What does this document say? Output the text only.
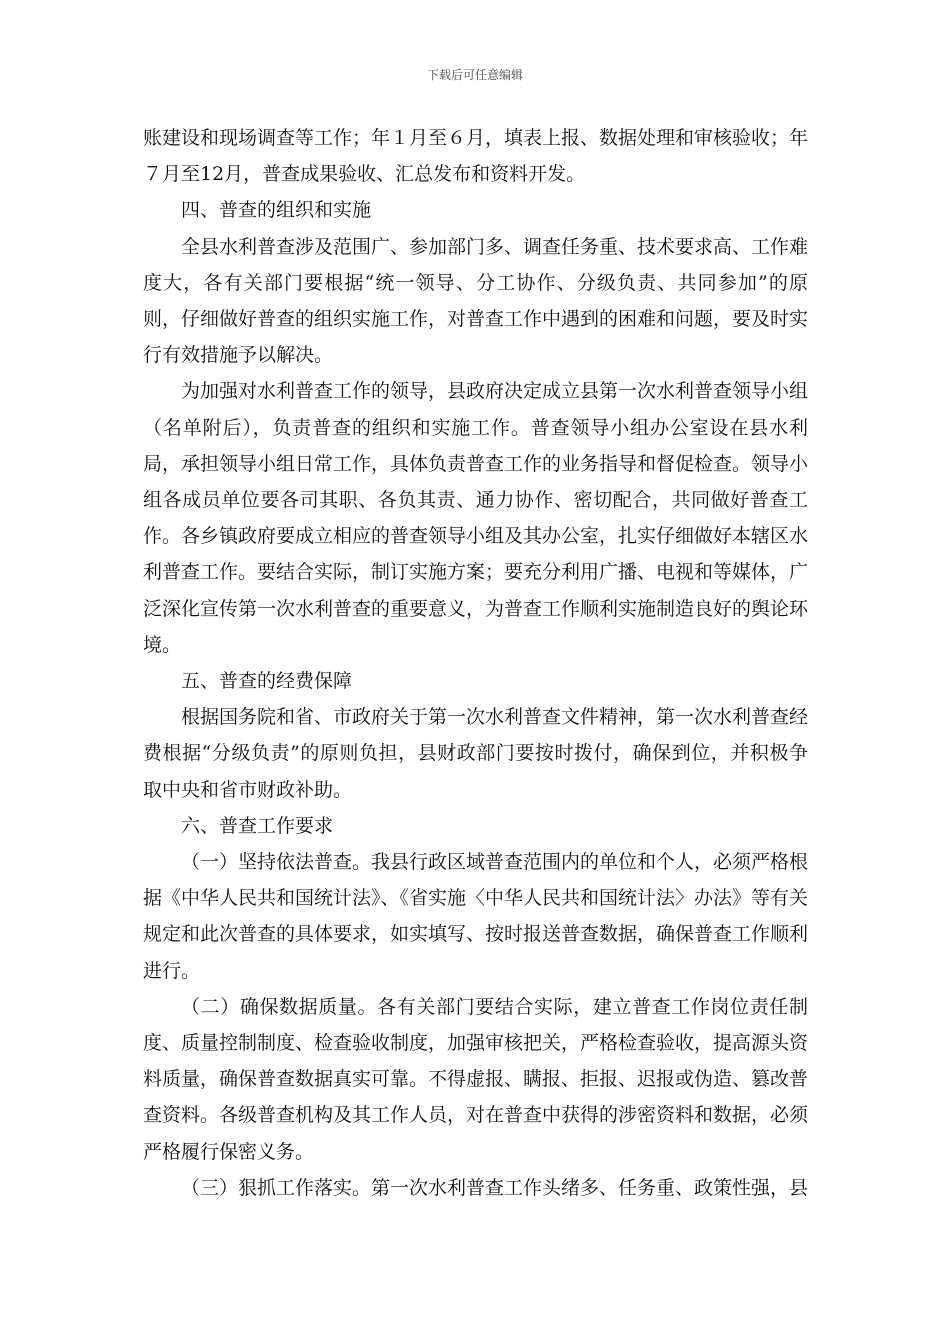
下载后可任意编辑

账建设和现场调查等工作；年１月至６月，填表上报、数据处理和审核验收；年７月至12月，普查成果验收、汇总发布和资料开发。

四、普查的组织和实施

全县水利普查涉及范围广、参加部门多、调查任务重、技术要求高、工作难度大，各有关部门要根据“统一领导、分工协作、分级负责、共同参加”的原则，仔细做好普查的组织实施工作，对普查工作中遇到的困难和问题，要及时实行有效措施予以解决。

为加强对水利普查工作的领导，县政府决定成立县第一次水利普查领导小组（名单附后），负责普查的组织和实施工作。普查领导小组办公室设在县水利局，承担领导小组日常工作，具体负责普查工作的业务指导和督促检查。领导小组各成员单位要各司其职、各负其责、通力协作、密切配合，共同做好普查工作。各乡镇政府要成立相应的普查领导小组及其办公室，扎实仔细做好本辖区水利普查工作。要结合实际，制订实施方案；要充分利用广播、电视和等媒体，广泛深化宣传第一次水利普查的重要意义，为普查工作顺利实施制造良好的舆论环境。

五、普查的经费保障

根据国务院和省、市政府关于第一次水利普查文件精神，第一次水利普查经费根据“分级负责”的原则负担，县财政部门要按时拨付，确保到位，并积极争取中央和省市财政补助。

六、普查工作要求

（一）坚持依法普查。我县行政区域普查范围内的单位和个人，必须严格根据《中华人民共和国统计法》、《省实施〈中华人民共和国统计法〉办法》等有关规定和此次普查的具体要求，如实填写、按时报送普查数据，确保普查工作顺利进行。

（二）确保数据质量。各有关部门要结合实际，建立普查工作岗位责任制度、质量控制制度、检查验收制度，加强审核把关，严格检查验收，提高源头资料质量，确保普查数据真实可靠。不得虚报、瞒报、拒报、迟报或伪造、篡改普查资料。各级普查机构及其工作人员，对在普查中获得的涉密资料和数据，必须严格履行保密义务。

（三）狠抓工作落实。第一次水利普查工作头绪多、任务重、政策性强，县
